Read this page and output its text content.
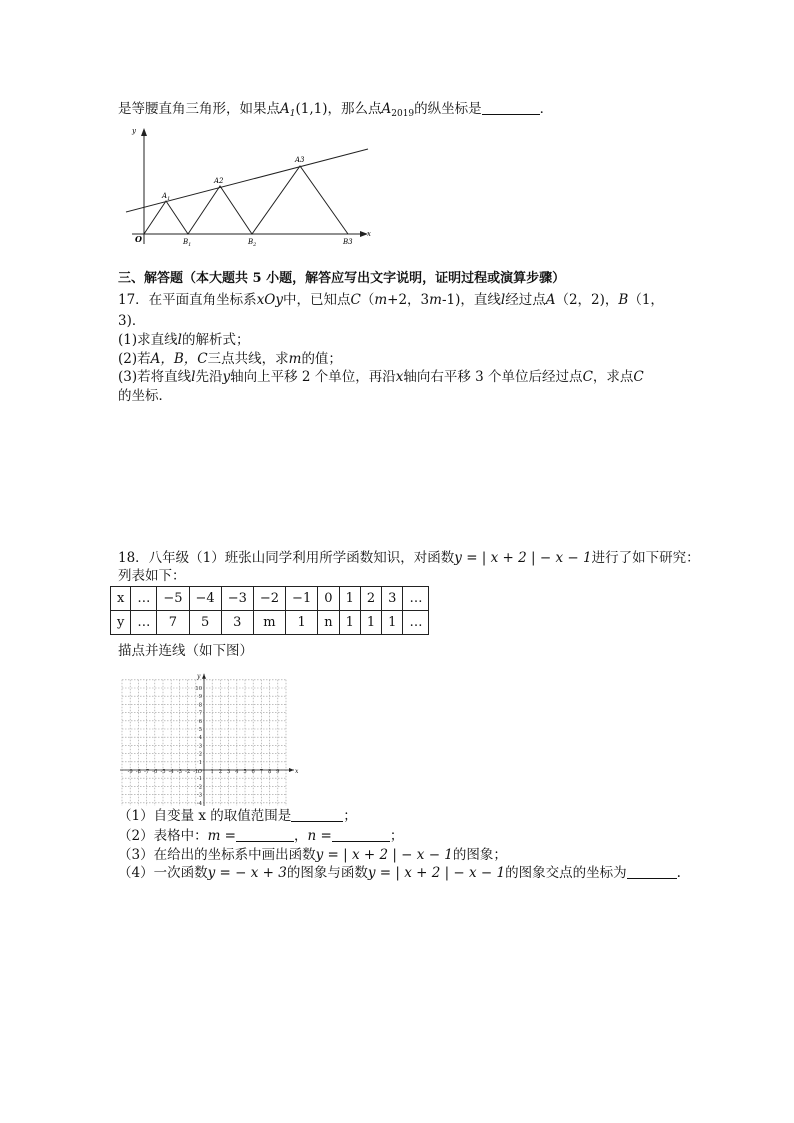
是等腰直角三角形，如果点$A_1(1,1)$，那么点$A_{2019}$的纵坐标是	．
y
x
O
$A_1$
A2
A3
$B_1$	$B_2$	B3
三、解答题（本大题共 5 小题，解答应写出文字说明，证明过程或演算步骤）
17．在平面直角坐标系xOy中，已知点C（m+2，3m-1)，直线l经过点A（2，2)，B（1，
3)．
(1)求直线l的解析式；
(2)若A，B，C三点共线，求m的值；
(3)若将直线l先沿y轴向上平移 2 个单位，再沿x轴向右平移 3 个单位后经过点C，求点C
的坐标．
18．八年级（1）班张山同学利用所学函数知识，对函数y = | x + 2 | − x − 1进行了如下研究：
列表如下：
x	…	−5	−4	−3	−2	−1	0	1	2	3	…
y	…	7	5	3	m	1	n	1	1	1	…
描点并连线（如下图）
-9 -8 -7 -6 -5 -4 -3 -2 -1 1 2 3 4 5 6 7 8 9
10
9
8
7
6
5
4
3
2
1
-1
-2
-3
-4
O	x
y
（1）自变量 x 的取值范围是	；
（2）表格中：m =	，n =	；
（3）在给出的坐标系中画出函数y = | x + 2 | − x − 1的图象；
（4）一次函数y = − x + 3的图象与函数y = | x + 2 | − x − 1的图象交点的坐标为	.
